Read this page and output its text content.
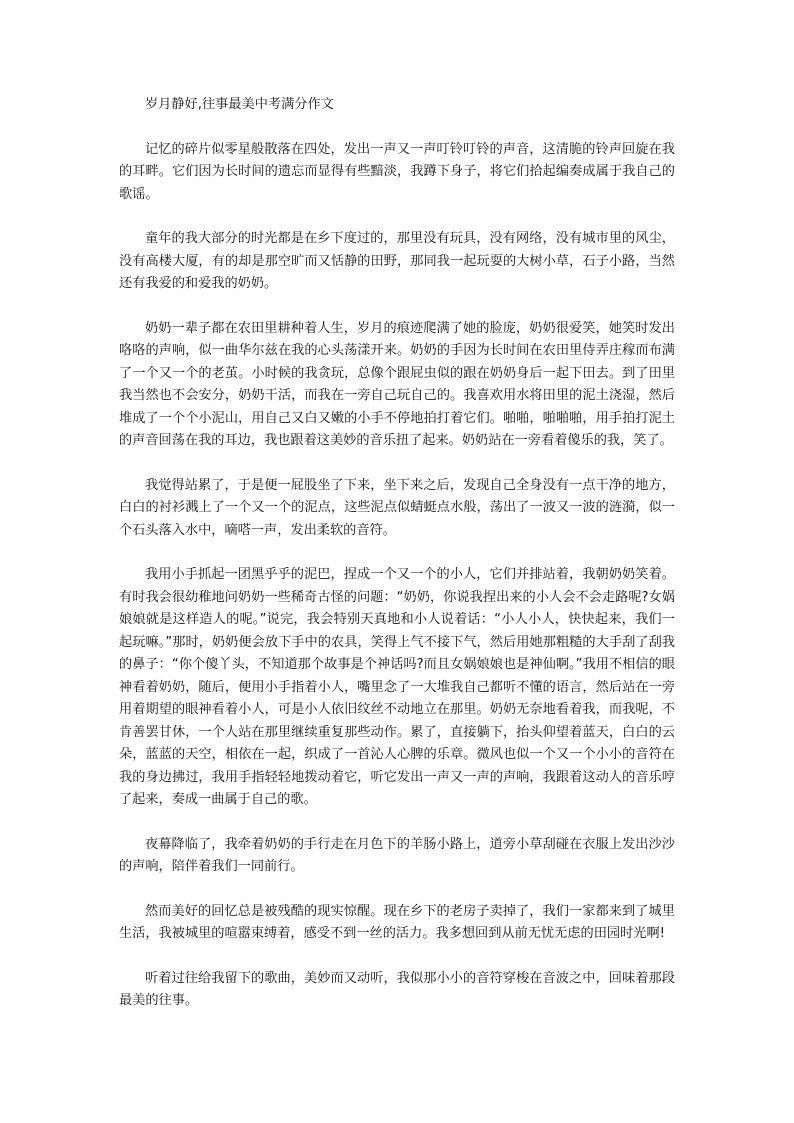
岁月静好,往事最美中考满分作文

记忆的碎片似零星般散落在四处，发出一声又一声叮铃叮铃的声音，这清脆的铃声回旋在我的耳畔。它们因为长时间的遗忘而显得有些黯淡，我蹲下身子，将它们拾起编奏成属于我自己的歌谣。

童年的我大部分的时光都是在乡下度过的，那里没有玩具，没有网络，没有城市里的风尘，没有高楼大厦，有的却是那空旷而又恬静的田野，那同我一起玩耍的大树小草，石子小路，当然还有我爱的和爱我的奶奶。

奶奶一辈子都在农田里耕种着人生，岁月的痕迹爬满了她的脸庞，奶奶很爱笑，她笑时发出咯咯的声响，似一曲华尔兹在我的心头荡漾开来。奶奶的手因为长时间在农田里侍弄庄稼而布满了一个又一个的老茧。小时候的我贪玩，总像个跟屁虫似的跟在奶奶身后一起下田去。到了田里我当然也不会安分，奶奶干活，而我在一旁自己玩自己的。我喜欢用水将田里的泥土浇湿，然后堆成了一个个小泥山，用自己又白又嫩的小手不停地拍打着它们。啪啪，啪啪啪，用手拍打泥土的声音回荡在我的耳边，我也跟着这美妙的音乐扭了起来。奶奶站在一旁看着傻乐的我，笑了。

我觉得站累了，于是便一屁股坐了下来，坐下来之后，发现自己全身没有一点干净的地方，白白的衬衫溅上了一个又一个的泥点，这些泥点似蜻蜓点水般，荡出了一波又一波的涟漪，似一个石头落入水中，嘀嗒一声，发出柔软的音符。

我用小手抓起一团黑乎乎的泥巴，捏成一个又一个的小人，它们并排站着，我朝奶奶笑着。有时我会很幼稚地问奶奶一些稀奇古怪的问题：“奶奶，你说我捏出来的小人会不会走路呢?女娲娘娘就是这样造人的呢。”说完，我会特别天真地和小人说着话：“小人小人，快快起来，我们一起玩嘛。”那时，奶奶便会放下手中的农具，笑得上气不接下气，然后用她那粗糙的大手刮了刮我的鼻子：“你个傻丫头，不知道那个故事是个神话吗?而且女娲娘娘也是神仙啊。”我用不相信的眼神看着奶奶，随后，便用小手指着小人，嘴里念了一大堆我自己都听不懂的语言，然后站在一旁用着期望的眼神看着小人，可是小人依旧纹丝不动地立在那里。奶奶无奈地看着我，而我呢，不肯善罢甘休，一个人站在那里继续重复那些动作。累了，直接躺下，抬头仰望着蓝天，白白的云朵，蓝蓝的天空，相依在一起，织成了一首沁人心脾的乐章。微风也似一个又一个小小的音符在我的身边拂过，我用手指轻轻地拨动着它，听它发出一声又一声的声响，我跟着这动人的音乐哼了起来，奏成一曲属于自己的歌。

夜幕降临了，我牵着奶奶的手行走在月色下的羊肠小路上，道旁小草刮碰在衣服上发出沙沙的声响，陪伴着我们一同前行。

然而美好的回忆总是被残酷的现实惊醒。现在乡下的老房子卖掉了，我们一家都来到了城里生活，我被城里的喧嚣束缚着，感受不到一丝的活力。我多想回到从前无忧无虑的田园时光啊!

听着过往给我留下的歌曲，美妙而又动听，我似那小小的音符穿梭在音波之中，回味着那段最美的往事。
